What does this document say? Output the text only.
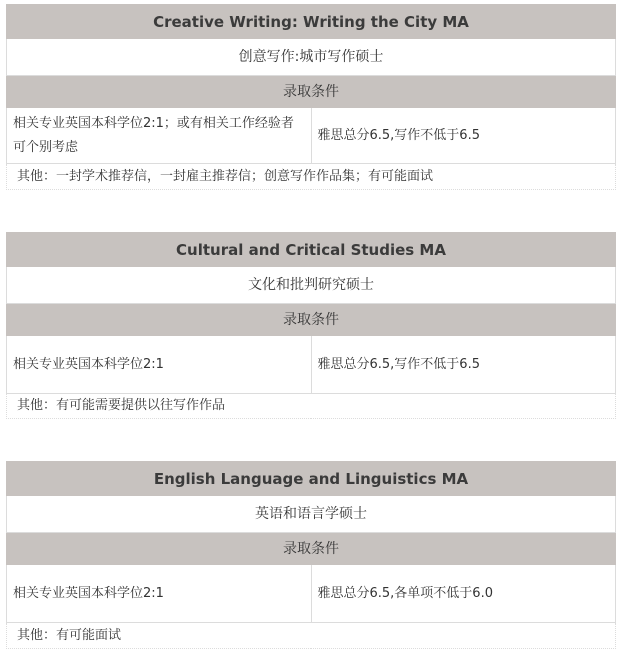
Creative Writing: Writing the City MA
创意写作:城市写作硕士
录取条件
相关专业英国本科学位2:1；或有相关工作经验者可个别考虑	雅思总分6.5,写作不低于6.5
其他：一封学术推荐信，一封雇主推荐信；创意写作作品集；有可能面试
Cultural and Critical Studies MA
文化和批判研究硕士
录取条件
相关专业英国本科学位2:1	雅思总分6.5,写作不低于6.5
其他：有可能需要提供以往写作作品
English Language and Linguistics MA
英语和语言学硕士
录取条件
相关专业英国本科学位2:1	雅思总分6.5,各单项不低于6.0
其他：有可能面试
